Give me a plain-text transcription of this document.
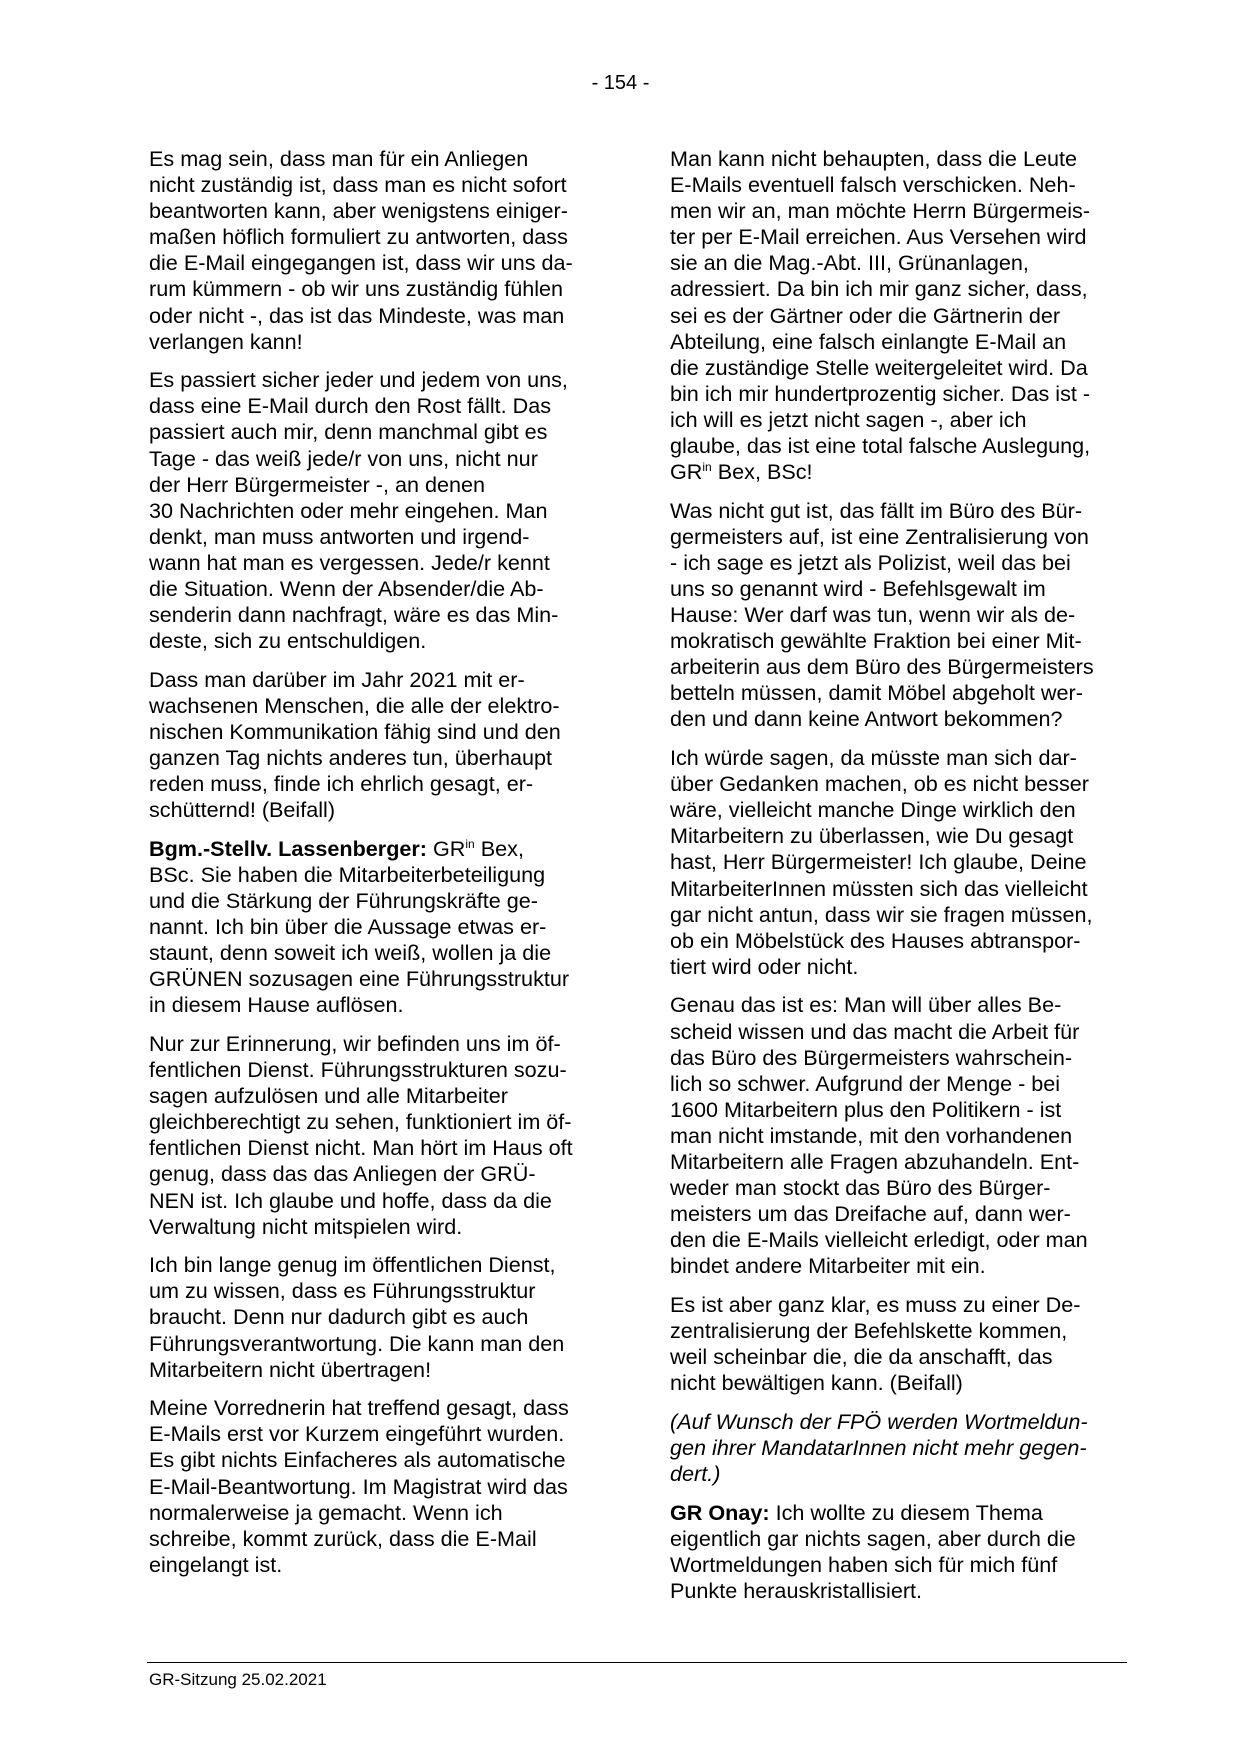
- 154 -

Es mag sein, dass man für ein Anliegen
nicht zuständig ist, dass man es nicht sofort
beantworten kann, aber wenigstens einiger-
maßen höflich formuliert zu antworten, dass
die E-Mail eingegangen ist, dass wir uns da-
rum kümmern - ob wir uns zuständig fühlen
oder nicht -, das ist das Mindeste, was man
verlangen kann!

Es passiert sicher jeder und jedem von uns,
dass eine E-Mail durch den Rost fällt. Das
passiert auch mir, denn manchmal gibt es
Tage - das weiß jede/r von uns, nicht nur
der Herr Bürgermeister -, an denen
30 Nachrichten oder mehr eingehen. Man
denkt, man muss antworten und irgend-
wann hat man es vergessen. Jede/r kennt
die Situation. Wenn der Absender/die Ab-
senderin dann nachfragt, wäre es das Min-
deste, sich zu entschuldigen.

Dass man darüber im Jahr 2021 mit er-
wachsenen Menschen, die alle der elektro-
nischen Kommunikation fähig sind und den
ganzen Tag nichts anderes tun, überhaupt
reden muss, finde ich ehrlich gesagt, er-
schütternd! (Beifall)

Bgm.-Stellv. Lassenberger: $GR^{in}$ Bex,
BSc. Sie haben die Mitarbeiterbeteiligung
und die Stärkung der Führungskräfte ge-
nannt. Ich bin über die Aussage etwas er-
staunt, denn soweit ich weiß, wollen ja die
GRÜNEN sozusagen eine Führungsstruktur
in diesem Hause auflösen.

Nur zur Erinnerung, wir befinden uns im öf-
fentlichen Dienst. Führungsstrukturen sozu-
sagen aufzulösen und alle Mitarbeiter
gleichberechtigt zu sehen, funktioniert im öf-
fentlichen Dienst nicht. Man hört im Haus oft
genug, dass das das Anliegen der GRÜ-
NEN ist. Ich glaube und hoffe, dass da die
Verwaltung nicht mitspielen wird.

Ich bin lange genug im öffentlichen Dienst,
um zu wissen, dass es Führungsstruktur
braucht. Denn nur dadurch gibt es auch
Führungsverantwortung. Die kann man den
Mitarbeitern nicht übertragen!

Meine Vorrednerin hat treffend gesagt, dass
E-Mails erst vor Kurzem eingeführt wurden.
Es gibt nichts Einfacheres als automatische
E-Mail-Beantwortung. Im Magistrat wird das
normalerweise ja gemacht. Wenn ich
schreibe, kommt zurück, dass die E-Mail
eingelangt ist.

Man kann nicht behaupten, dass die Leute
E-Mails eventuell falsch verschicken. Neh-
men wir an, man möchte Herrn Bürgermeis-
ter per E-Mail erreichen. Aus Versehen wird
sie an die Mag.-Abt. III, Grünanlagen,
adressiert. Da bin ich mir ganz sicher, dass,
sei es der Gärtner oder die Gärtnerin der
Abteilung, eine falsch einlangte E-Mail an
die zuständige Stelle weitergeleitet wird. Da
bin ich mir hundertprozentig sicher. Das ist -
ich will es jetzt nicht sagen -, aber ich
glaube, das ist eine total falsche Auslegung,
$GR^{in}$ Bex, BSc!

Was nicht gut ist, das fällt im Büro des Bür-
germeisters auf, ist eine Zentralisierung von
- ich sage es jetzt als Polizist, weil das bei
uns so genannt wird - Befehlsgewalt im
Hause: Wer darf was tun, wenn wir als de-
mokratisch gewählte Fraktion bei einer Mit-
arbeiterin aus dem Büro des Bürgermeisters
betteln müssen, damit Möbel abgeholt wer-
den und dann keine Antwort bekommen?

Ich würde sagen, da müsste man sich dar-
über Gedanken machen, ob es nicht besser
wäre, vielleicht manche Dinge wirklich den
Mitarbeitern zu überlassen, wie Du gesagt
hast, Herr Bürgermeister! Ich glaube, Deine
MitarbeiterInnen müssten sich das vielleicht
gar nicht antun, dass wir sie fragen müssen,
ob ein Möbelstück des Hauses abtranspor-
tiert wird oder nicht.

Genau das ist es: Man will über alles Be-
scheid wissen und das macht die Arbeit für
das Büro des Bürgermeisters wahrschein-
lich so schwer. Aufgrund der Menge - bei
1600 Mitarbeitern plus den Politikern - ist
man nicht imstande, mit den vorhandenen
Mitarbeitern alle Fragen abzuhandeln. Ent-
weder man stockt das Büro des Bürger-
meisters um das Dreifache auf, dann wer-
den die E-Mails vielleicht erledigt, oder man
bindet andere Mitarbeiter mit ein.

Es ist aber ganz klar, es muss zu einer De-
zentralisierung der Befehlskette kommen,
weil scheinbar die, die da anschafft, das
nicht bewältigen kann. (Beifall)

(Auf Wunsch der FPÖ werden Wortmeldun-
gen ihrer MandatarInnen nicht mehr gegen-
dert.)

GR Onay: Ich wollte zu diesem Thema
eigentlich gar nichts sagen, aber durch die
Wortmeldungen haben sich für mich fünf
Punkte herauskristallisiert.

GR-Sitzung 25.02.2021
